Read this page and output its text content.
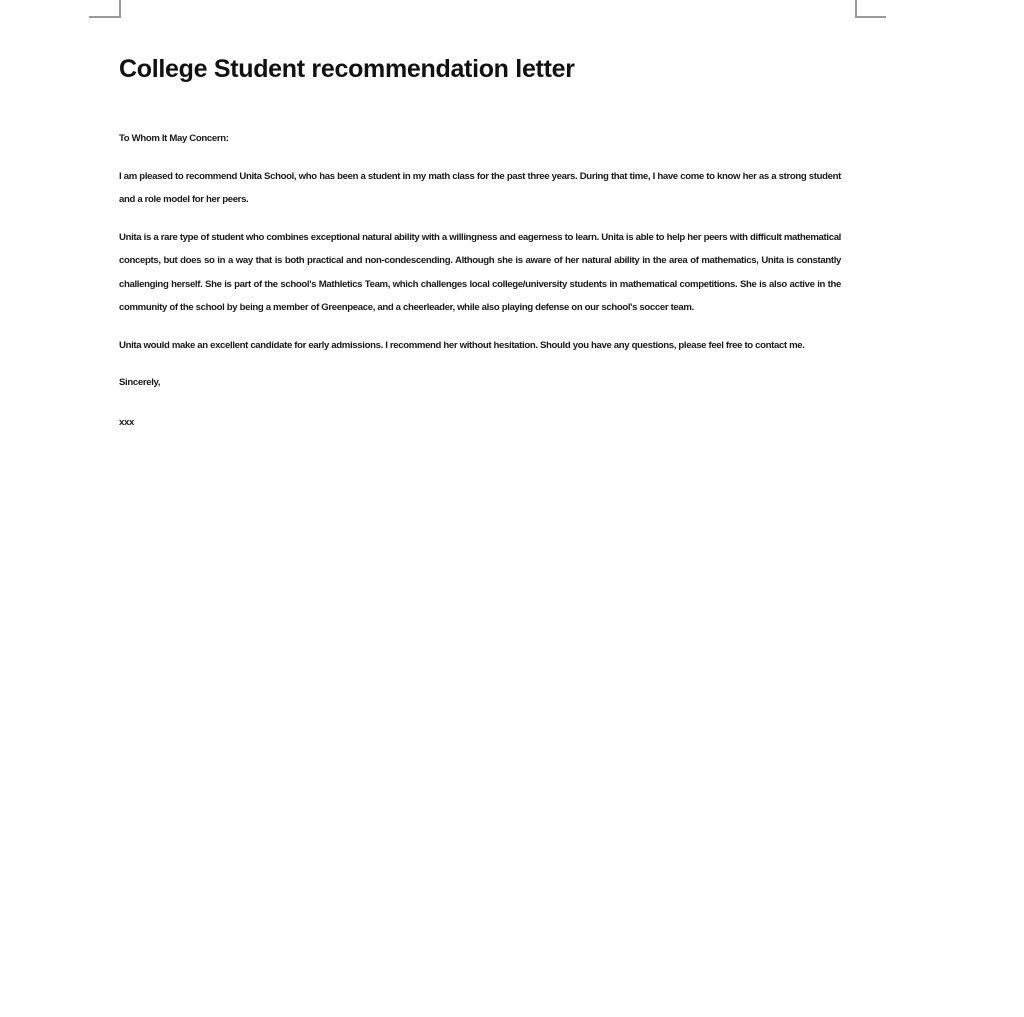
College Student recommendation letter

To Whom It May Concern:

I am pleased to recommend Unita School, who has been a student in my math class for the past three years. During that time, I have come to know her as a strong student and a role model for her peers.

Unita is a rare type of student who combines exceptional natural ability with a willingness and eagerness to learn. Unita is able to help her peers with difficult mathematical concepts, but does so in a way that is both practical and non-condescending. Although she is aware of her natural ability in the area of mathematics, Unita is constantly challenging herself. She is part of the school's Mathletics Team, which challenges local college/university students in mathematical competitions. She is also active in the community of the school by being a member of Greenpeace, and a cheerleader, while also playing defense on our school's soccer team.

Unita would make an excellent candidate for early admissions. I recommend her without hesitation. Should you have any questions, please feel free to contact me.

Sincerely,

xxx
